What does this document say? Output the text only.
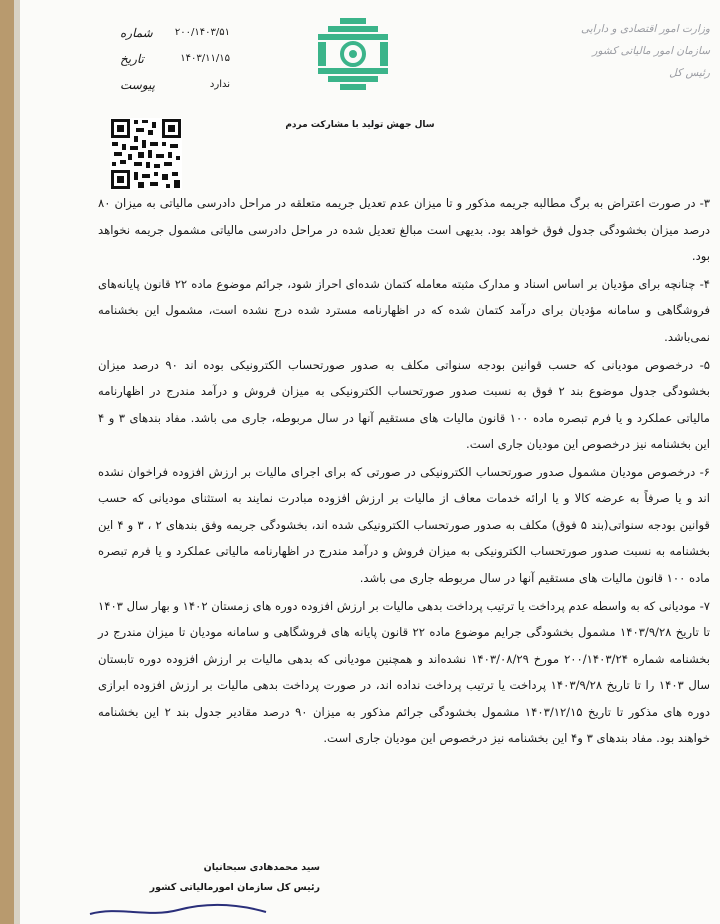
۲۰۰/۱۴۰۳/۵۱
شماره
۱۴۰۳/۱۱/۱۵
تاریخ
ندارد
پیوست
وزارت امور اقتصادی و دارایی
سازمان امور مالیاتی کشور
رئیس کل
سال جهش تولید با مشارکت مردم

۳- در صورت اعتراض به برگ مطالبه جریمه مذکور و تا میزان عدم تعدیل جریمه متعلقه در مراحل دادرسی مالیاتی به میزان ۸۰ درصد میزان بخشودگی جدول فوق خواهد بود. بدیهی است مبالغ تعدیل شده در مراحل دادرسی مالیاتی مشمول جریمه نخواهد بود.

۴- چنانچه برای مؤدیان بر اساس اسناد و مدارک مثبته معامله کتمان شده‌ای احراز شود، جرائم موضوع ماده ۲۲ قانون پایانه‌های فروشگاهی و سامانه مؤدیان برای درآمد کتمان شده که در اظهارنامه مسترد شده درج نشده است، مشمول این بخشنامه نمی‌باشد.

۵- درخصوص مودیانی که حسب قوانین بودجه سنواتی مکلف به صدور صورتحساب الکترونیکی بوده اند ۹۰ درصد میزان بخشودگی جدول موضوع بند ۲ فوق به نسبت صدور صورتحساب الکترونیکی به میزان فروش و درآمد مندرج در اظهارنامه مالیاتی عملکرد و یا فرم تبصره ماده ۱۰۰ قانون مالیات های مستقیم آنها در سال مربوطه، جاری می باشد. مفاد بندهای ۳ و ۴ این بخشنامه نیز درخصوص این مودیان جاری است.

۶- درخصوص مودیان مشمول صدور صورتحساب الکترونیکی در صورتی که برای اجرای مالیات بر ارزش افزوده فراخوان نشده اند و یا صرفاً به عرضه کالا و یا ارائه خدمات معاف از مالیات بر ارزش افزوده مبادرت نمایند به استثنای مودیانی که حسب قوانین بودجه سنواتی(بند ۵ فوق) مکلف به صدور صورتحساب الکترونیکی شده اند، بخشودگی جریمه وفق بندهای ۲ ، ۳ و ۴ این بخشنامه به نسبت صدور صورتحساب الکترونیکی به میزان فروش و درآمد مندرج در اظهارنامه مالیاتی عملکرد و یا فرم تبصره ماده ۱۰۰ قانون مالیات های مستقیم آنها در سال مربوطه جاری می باشد.

۷- مودیانی که به واسطه عدم پرداخت یا ترتیب پرداخت بدهی مالیات بر ارزش افزوده دوره های زمستان ۱۴۰۲ و بهار سال ۱۴۰۳ تا تاریخ ۱۴۰۳/۹/۲۸ مشمول بخشودگی جرایم موضوع ماده ۲۲ قانون پایانه های فروشگاهی و سامانه مودیان تا میزان مندرج در بخشنامه شماره ۲۰۰/۱۴۰۳/۲۴ مورخ ۱۴۰۳/۰۸/۲۹ نشده‌اند و همچنین مودیانی که بدهی مالیات بر ارزش افزوده دوره تابستان سال ۱۴۰۳ را تا تاریخ ۱۴۰۳/۹/۲۸ پرداخت یا ترتیب پرداخت نداده اند، در صورت پرداخت بدهی مالیات بر ارزش افزوده ابرازی دوره های مذکور تا تاریخ ۱۴۰۳/۱۲/۱۵ مشمول بخشودگی جرائم مذکور به میزان ۹۰ درصد مقادیر جدول بند ۲ این بخشنامه خواهند بود. مفاد بندهای ۳ و۴ این بخشنامه نیز درخصوص این مودیان جاری است.

سید محمدهادی سبحانیان
رئیس کل سازمان امورمالیاتی کشور
